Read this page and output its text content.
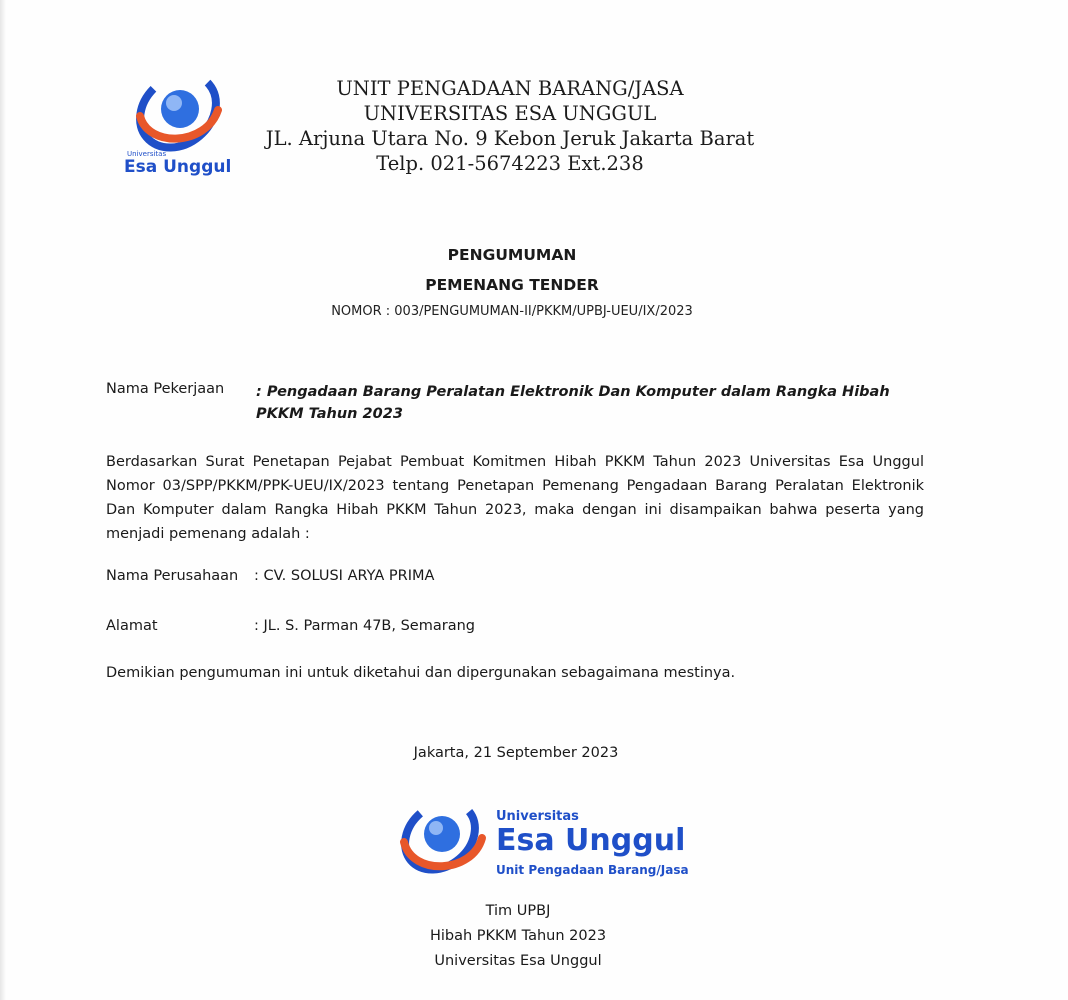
Universitas
Esa Unggul
UNIT PENGADAAN BARANG/JASA
UNIVERSITAS ESA UNGGUL
JL. Arjuna Utara No. 9 Kebon Jeruk Jakarta Barat
Telp. 021-5674223 Ext.238
PENGUMUMAN
PEMENANG TENDER
NOMOR : 003/PENGUMUMAN-II/PKKM/UPBJ-UEU/IX/2023
Nama Pekerjaan : Pengadaan Barang Peralatan Elektronik Dan Komputer dalam Rangka Hibah PKKM Tahun 2023
Berdasarkan Surat Penetapan Pejabat Pembuat Komitmen Hibah PKKM Tahun 2023 Universitas Esa Unggul Nomor 03/SPP/PKKM/PPK-UEU/IX/2023 tentang Penetapan Pemenang Pengadaan Barang Peralatan Elektronik Dan Komputer dalam Rangka Hibah PKKM Tahun 2023, maka dengan ini disampaikan bahwa peserta yang menjadi pemenang adalah :
Nama Perusahaan : CV. SOLUSI ARYA PRIMA
Alamat	: JL. S. Parman 47B, Semarang
Demikian pengumuman ini untuk diketahui dan dipergunakan sebagaimana mestinya.
Jakarta, 21 September 2023
Universitas
Esa Unggul
Unit Pengadaan Barang/Jasa
Tim UPBJ
Hibah PKKM Tahun 2023
Universitas Esa Unggul
